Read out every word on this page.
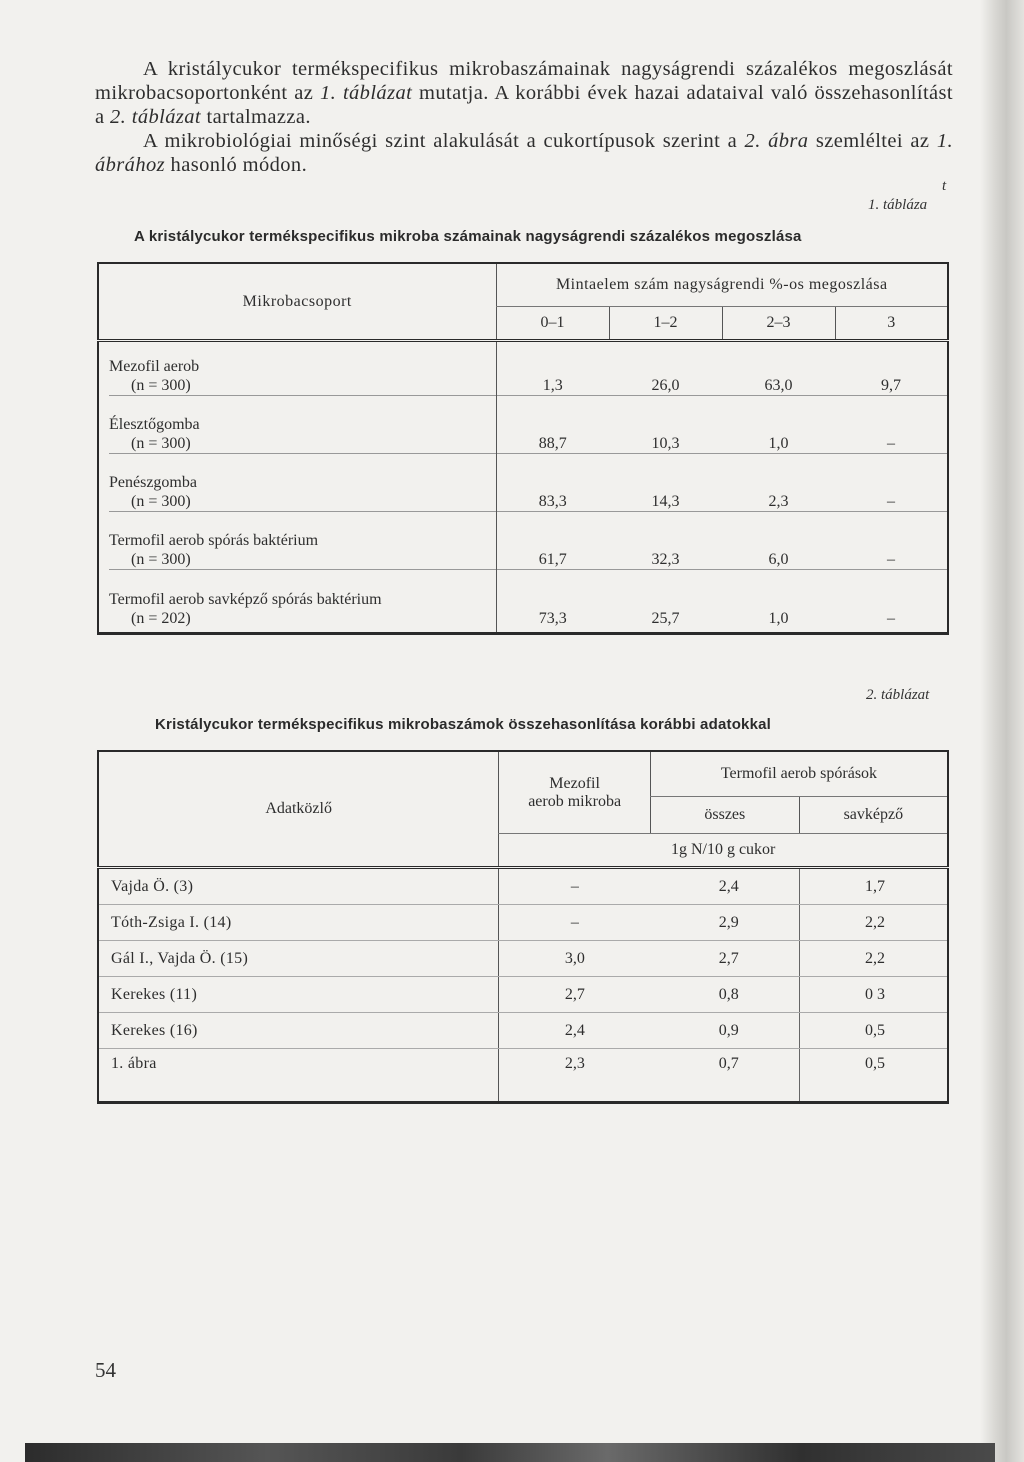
A kristálycukor termékspecifikus mikrobaszámainak nagyságrendi százalékos megoszlását mikrobacsoportonként az 1. táblázat mutatja. A korábbi évek hazai adataival való összehasonlítást a 2. táblázat tartalmazza.

A mikrobiológiai minőségi szint alakulását a cukortípusok szerint a 2. ábra szemléltei az 1. ábrához hasonló módon.

t
1. tábláza
A kristálycukor termékspecifikus mikroba számainak nagyságrendi százalékos megoszlása
Mikrobacsoport	Mintaelem szám nagyságrendi %-os megoszlása			
	0–1	1–2	2–3	3

Mezofil aerob
(n = 300)	1,3	26,0	63,0	9,7

Élesztőgomba
(n = 300)	88,7	10,3	1,0	–

Penészgomba
(n = 300)	83,3	14,3	2,3	–

Termofil aerob spórás baktérium
(n = 300)	61,7	32,3	6,0	–

Termofil aerob savképző spórás baktérium
(n = 202)	73,3	25,7	1,0	–
2. táblázat
Kristálycukor termékspecifikus mikrobaszámok összehasonlítása korábbi adatokkal
Adatközlő	Mezofil
aerob mikroba	Termofil aerob spórások	
		összes	savképző
	1g N/10 g cukor		
Vajda Ö. (3)	–	2,4	1,7
Tóth-Zsiga I. (14)	–	2,9	2,2
Gál I., Vajda Ö. (15)	3,0	2,7	2,2
Kerekes (11)	2,7	0,8	0 3
Kerekes (16)	2,4	0,9	0,5
1. ábra	2,3	0,7	0,5
54
